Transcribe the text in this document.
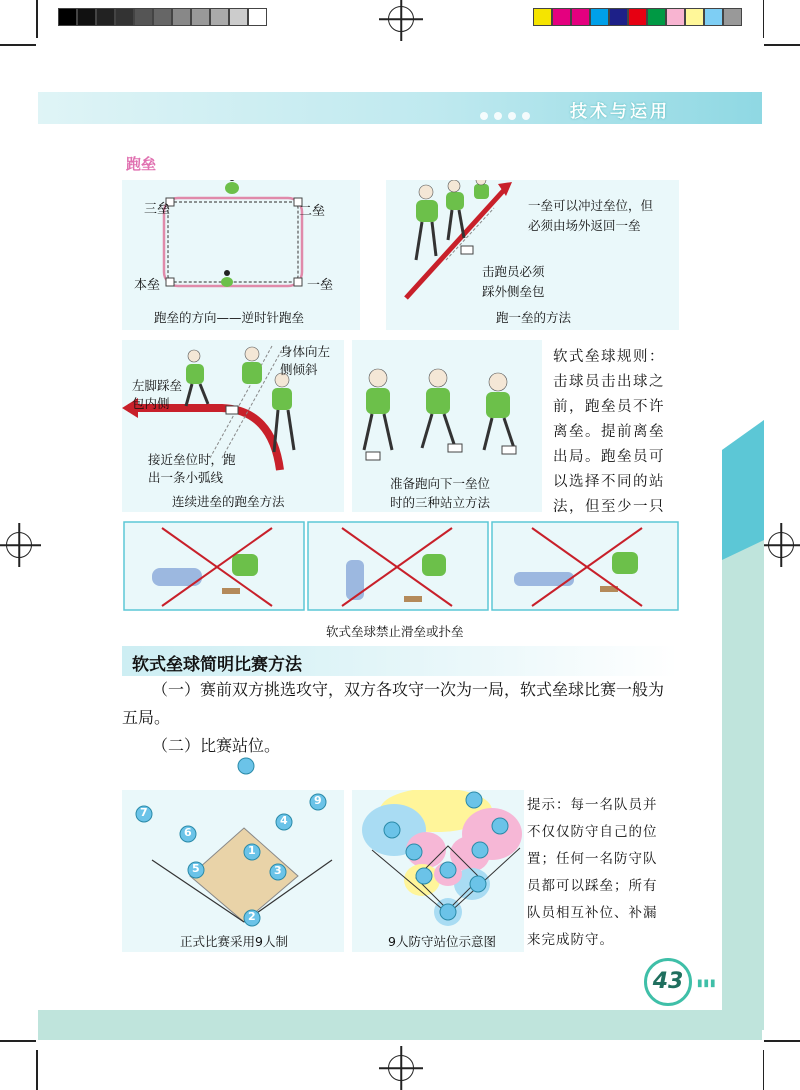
技术与运用
43	▮▮▮
跑垒
三垒	二垒
本垒	一垒
跑垒的方向——逆时针跑垒
一垒可以冲过垒位，但
必须由场外返回一垒
击跑员必须
踩外侧垒包
跑一垒的方法
左脚踩垒
包内侧
身体向左
侧倾斜
接近垒位时，跑
出一条小弧线
连续进垒的跑垒方法
准备跑向下一垒位
时的三种站立方法
软式垒球规则：
击球员击出球之
前，跑垒员不许
离垒。提前离垒
出局。跑垒员可
以选择不同的站
法，但至少一只
软式垒球禁止滑垒或扑垒
软式垒球简明比赛方法
（一）赛前双方挑选攻守，双方各攻守一次为一局，软式垒球比赛一般为
五局。
（二）比赛站位。
正式比赛采用9人制
1
2
3
4
5
6
7
9
9人防守站位示意图
提示：每一名队员并
不仅仅防守自己的位
置；任何一名防守队
员都可以踩垒；所有
队员相互补位、补漏
来完成防守。
